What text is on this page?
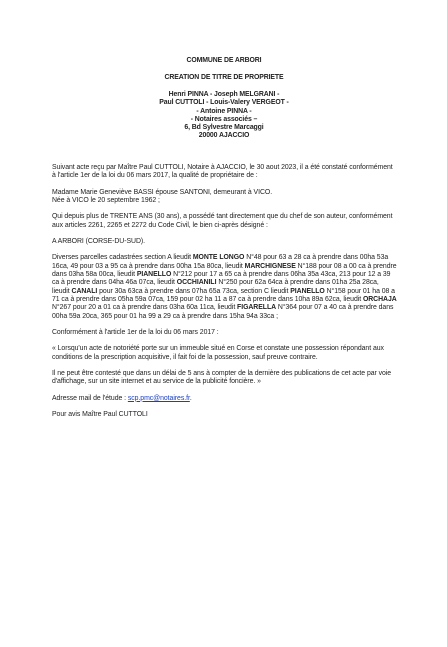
COMMUNE DE ARBORI
CREATION DE TITRE DE PROPRIETE
Henri PINNA - Joseph MELGRANI -
Paul CUTTOLI - Louis-Valery VERGEOT -
- Antoine PINNA -
- Notaires associés –
6, Bd Sylvestre Marcaggi
20000 AJACCIO

Suivant acte reçu par Maître Paul CUTTOLI, Notaire à AJACCIO, le 30 aout 2023, il a été constaté conformément à l'article 1er de la loi du 06 mars 2017, la qualité de propriétaire de :

Madame Marie Geneviève BASSI épouse SANTONI, demeurant à VICO.
Née à VICO le 20 septembre 1962 ;

Qui depuis plus de TRENTE ANS (30 ans), a possédé tant directement que du chef de son auteur, conformément aux articles 2261, 2265 et 2272 du Code Civil, le bien ci-après désigné :

A ARBORI (CORSE-DU-SUD).

Diverses parcelles cadastrées section A lieudit MONTE LONGO N°48 pour 63 a 28 ca à prendre dans 00ha 53a 16ca, 49 pour 03 a 95 ca à prendre dans 00ha 15a 80ca, lieudit MARCHIGNESE N°188 pour 08 a 00 ca à prendre dans 03ha 58a 00ca, lieudit PIANELLO N°212 pour 17 a 65 ca à prendre dans 06ha 35a 43ca, 213 pour 12 a 39 ca à prendre dans 04ha 46a 07ca, lieudit OCCHIANILI N°250 pour 62a 64ca à prendre dans 01ha 25a 28ca, lieudit CANALI pour 30a 63ca à prendre dans 07ha 65a 73ca, section C lieudit PIANELLO N°158 pour 01 ha 08 a 71 ca à prendre dans 05ha 59a 07ca, 159 pour 02 ha 11 a 87 ca à prendre dans 10ha 89a 62ca, lieudit ORCHAJA N°267 pour 20 a 01 ca à prendre dans 03ha 60a 11ca, lieudit FIGARELLA N°364 pour 07 a 40 ca à prendre dans 00ha 59a 20ca, 365 pour 01 ha 99 a 29 ca à prendre dans 15ha 94a 33ca ;

Conformément à l'article 1er de la loi du 06 mars 2017 :

« Lorsqu'un acte de notoriété porte sur un immeuble situé en Corse et constate une possession répondant aux conditions de la prescription acquisitive, il fait foi de la possession, sauf preuve contraire.

Il ne peut être contesté que dans un délai de 5 ans à compter de la dernière des publications de cet acte par voie d'affichage, sur un site internet et au service de la publicité foncière. »

Adresse mail de l'étude : scp.pmc@notaires.fr.

Pour avis Maître Paul CUTTOLI
